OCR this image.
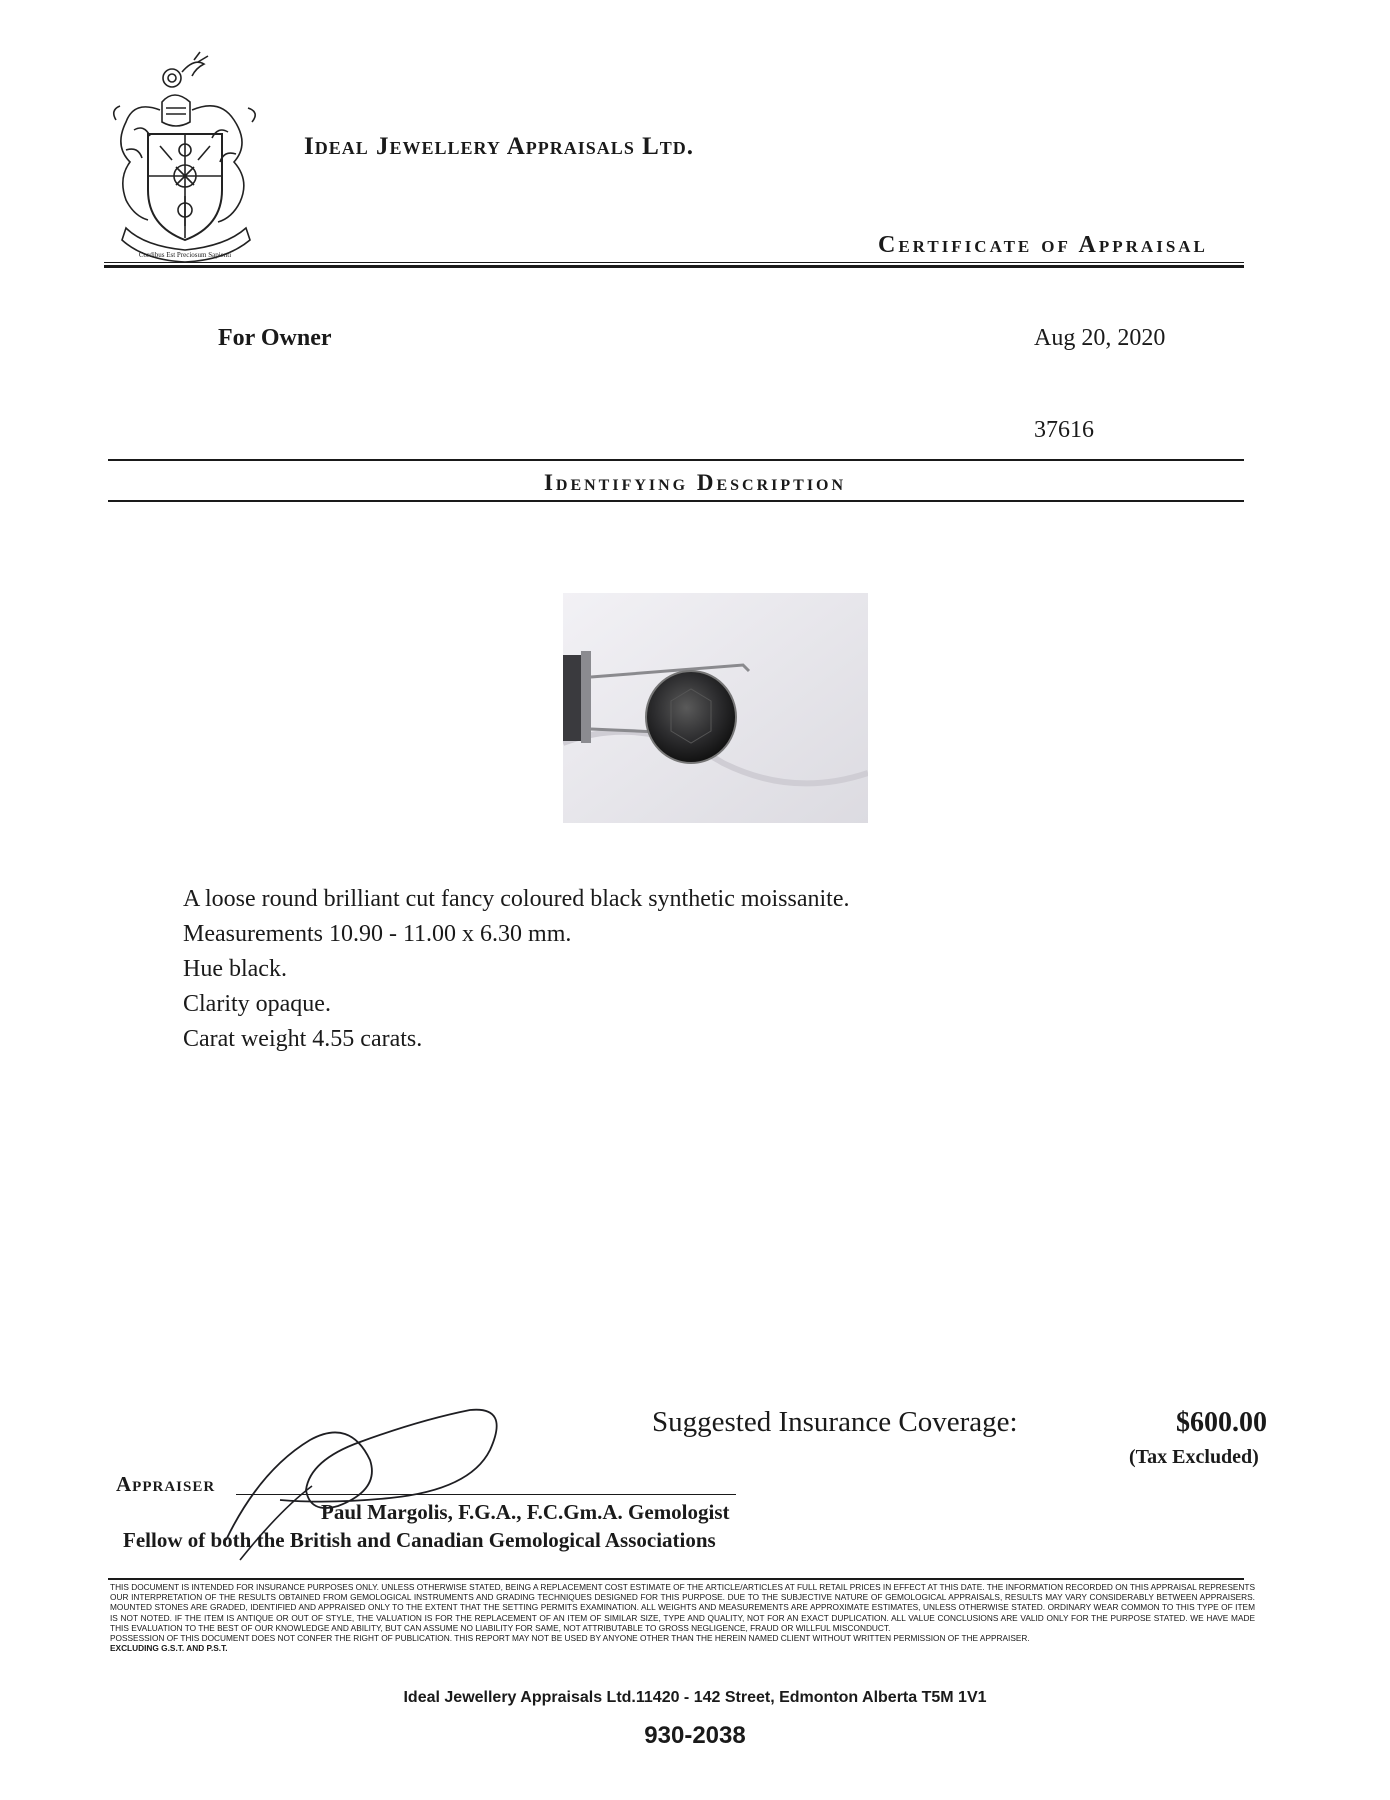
Cordibus Est Preciosum Sapienti
Ideal Jewellery Appraisals Ltd.
Certificate of Appraisal
For Owner	Aug 20, 2020
37616
Identifying Description
A loose round brilliant cut fancy coloured black synthetic moissanite.
Measurements 10.90 - 11.00 x 6.30 mm.
Hue black.
Clarity opaque.
Carat weight 4.55 carats.
Suggested Insurance Coverage:	$600.00
(Tax Excluded)
Appraiser
Paul Margolis, F.G.A., F.C.Gm.A. Gemologist
Fellow of both the British and Canadian Gemological Associations

THIS DOCUMENT IS INTENDED FOR INSURANCE PURPOSES ONLY. UNLESS OTHERWISE STATED, BEING A REPLACEMENT COST ESTIMATE OF THE ARTICLE/ARTICLES AT FULL RETAIL PRICES IN EFFECT AT THIS DATE. THE INFORMATION RECORDED ON THIS APPRAISAL REPRESENTS OUR INTERPRETATION OF THE RESULTS OBTAINED FROM GEMOLOGICAL INSTRUMENTS AND GRADING TECHNIQUES DESIGNED FOR THIS PURPOSE. DUE TO THE SUBJECTIVE NATURE OF GEMOLOGICAL APPRAISALS, RESULTS MAY VARY CONSIDERABLY BETWEEN APPRAISERS. MOUNTED STONES ARE GRADED, IDENTIFIED AND APPRAISED ONLY TO THE EXTENT THAT THE SETTING PERMITS EXAMINATION. ALL WEIGHTS AND MEASUREMENTS ARE APPROXIMATE ESTIMATES, UNLESS OTHERWISE STATED. ORDINARY WEAR COMMON TO THIS TYPE OF ITEM IS NOT NOTED. IF THE ITEM IS ANTIQUE OR OUT OF STYLE, THE VALUATION IS FOR THE REPLACEMENT OF AN ITEM OF SIMILAR SIZE, TYPE AND QUALITY, NOT FOR AN EXACT DUPLICATION. ALL VALUE CONCLUSIONS ARE VALID ONLY FOR THE PURPOSE STATED. WE HAVE MADE THIS EVALUATION TO THE BEST OF OUR KNOWLEDGE AND ABILITY, BUT CAN ASSUME NO LIABILITY FOR SAME, NOT ATTRIBUTABLE TO GROSS NEGLIGENCE, FRAUD OR WILLFUL MISCONDUCT.

POSSESSION OF THIS DOCUMENT DOES NOT CONFER THE RIGHT OF PUBLICATION. THIS REPORT MAY NOT BE USED BY ANYONE OTHER THAN THE HEREIN NAMED CLIENT WITHOUT WRITTEN PERMISSION OF THE APPRAISER.

EXCLUDING G.S.T. AND P.S.T.

Ideal Jewellery Appraisals Ltd.11420 - 142 Street, Edmonton Alberta T5M 1V1
930-2038
